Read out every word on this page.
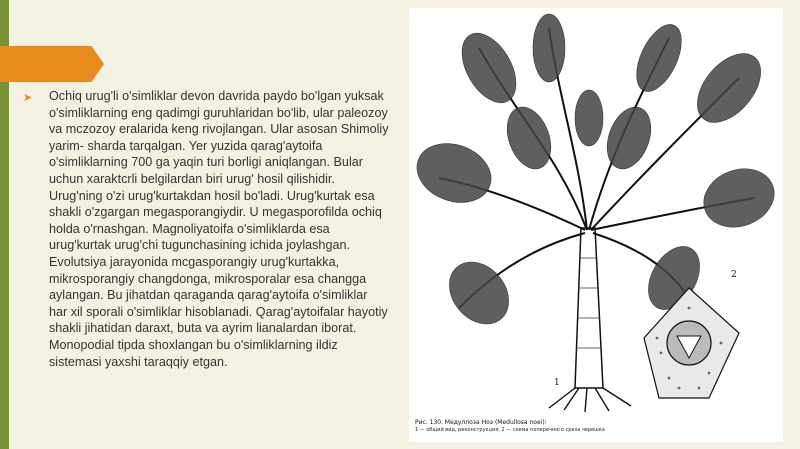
➤ Ochiq urug'li o'simliklar devon davrida paydo bo'lgan yuksak o'simliklarning eng qadimgi guruhlaridan bo'lib, ular paleozoy va mczozoy eralarida keng rivojlangan. Ular asosan Shimoliy yarim- sharda tarqalgan. Yer yuzida qarag'aytoifa o'simliklarning 700 ga yaqin turi borligi aniqlangan. Bular uchun xaraktcrli belgilardan biri urug' hosil qilishidir. Urug'ning o'zi urug'kurtakdan hosil bo'ladi. Urug'kurtak esa shakli o'zgargan megasporangiydir. U megasporofilda ochiq holda o'rnashgan. Magnoliyatoifa o'simliklarda esa urug'kurtak urug'chi tugunchasining ichida joylashgan. Evolutsiya jarayonida mcgasporangiy urug'kurtakka, mikrosporangiy changdonga, mikrosporalar esa changga aylangan. Bu jihatdan qaraganda qarag'aytoifa o'simliklar har xil sporali o'simliklar hisoblanadi. Qarag'aytoifalar hayotiy shakli jihatidan daraxt, buta va ayrim lianalardan iborat. Monopodial tipda shoxlangan bu o'simliklarning ildiz sistemasi yaxshi taraqqiy etgan.

1
2

Рис. 130. Медуллоза Ноэ (Medullosa noei):

1 — общий вид, реконструкция; 2 — схема поперечного среза черешка
